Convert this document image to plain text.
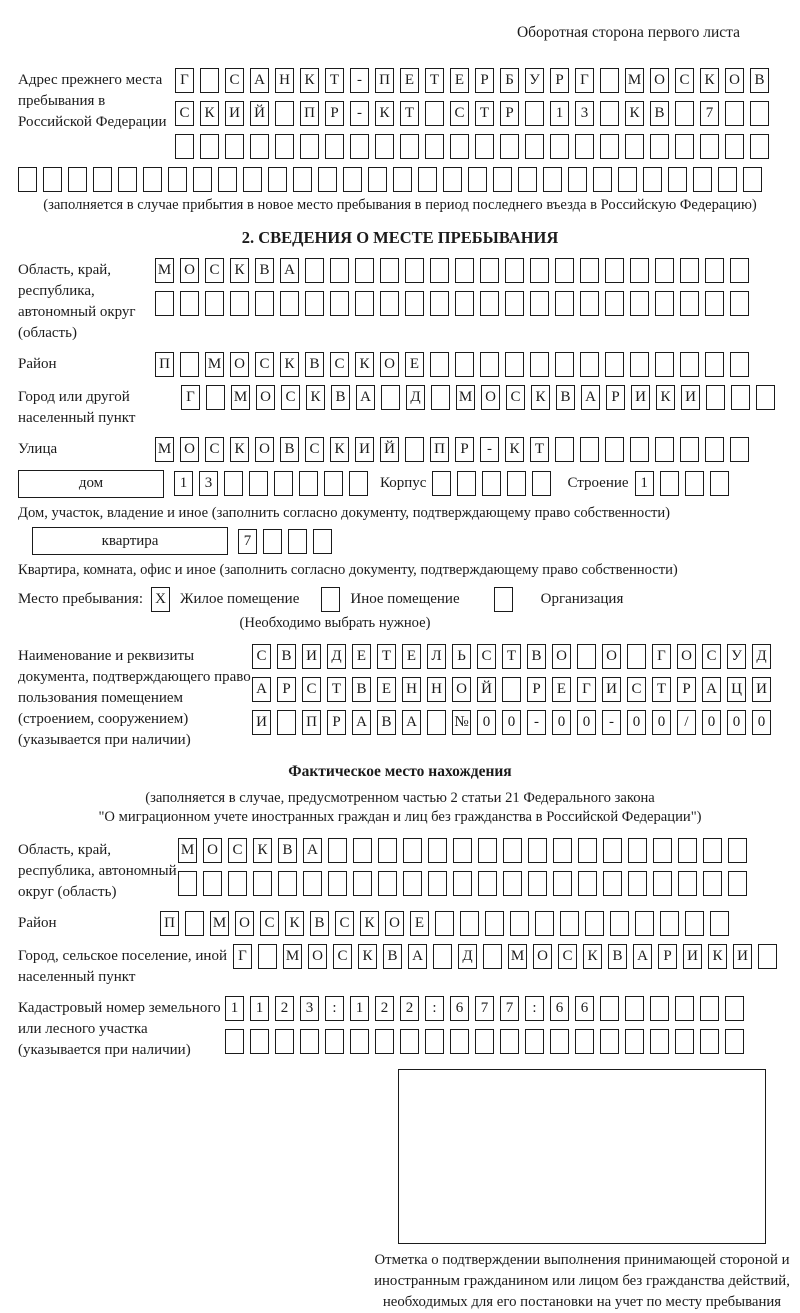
Оборотная сторона первого листа
Адрес прежнего места пребывания в Российской Федерации
Г	С А Н К	Т	-	П Е	Т	Е	Р	Б	У	Р	Г	М О С К О В
С К И Й	П	Р	-	К	Т	С	Т	Р	1	3	К В	7
(заполняется в случае прибытия в новое место пребывания в период последнего въезда в Российскую Федерацию)
2. СВЕДЕНИЯ О МЕСТЕ ПРЕБЫВАНИЯ
Область, край, республика, автономный округ (область)
М О С К В А
Район	П	М О С К В С К О Е
Город или другой населенный пункт
Г	М О С К В А	Д	М О С К В А	Р	И К И
Улица	М О С К О В С К И Й	П	Р	-	К	Т
дом	1	3	Корпус	Строение 1
Дом, участок, владение и иное (заполнить согласно документу, подтверждающему право собственности)
квартира	7
Квартира, комната, офис и иное (заполнить согласно документу, подтверждающему право собственности)
Место пребывания: X Жилое помещение	Иное помещение	Организация
(Необходимо выбрать нужное)
Наименование и реквизиты документа, подтверждающего право пользования помещением (строением, сооружением) (указывается при наличии)
С В И Д	Е	Т	Е	Л	Ь	С	Т	В О	О	Г	О С У Д
А	Р	С	Т	В	Е	Н Н О Й	Р	Е	Г	И С	Т	Р	А Ц И
И	П	Р	А В А № 0	0	-	0	0	-	0	0	/	0	0	0
Фактическое место нахождения
(заполняется в случае, предусмотренном частью 2 статьи 21 Федерального закона
"О миграционном учете иностранных граждан и лиц без гражданства в Российской Федерации")
Область, край, республика, автономный округ (область)
М О С К В А
Район	П	М О С К В С К О Е
Город, сельское поселение, иной населенный пункт
Г	М О С К В А	Д	М О С К В А	Р	И К И
Кадастровый номер земельного или лесного участка (указывается при наличии)
1	1	2	3	:	1	2	2	:	6	7	7	:	6	6
Отметка о подтверждении выполнения принимающей стороной и иностранным гражданином или лицом без гражданства действий, необходимых для его постановки на учет по месту пребывания
